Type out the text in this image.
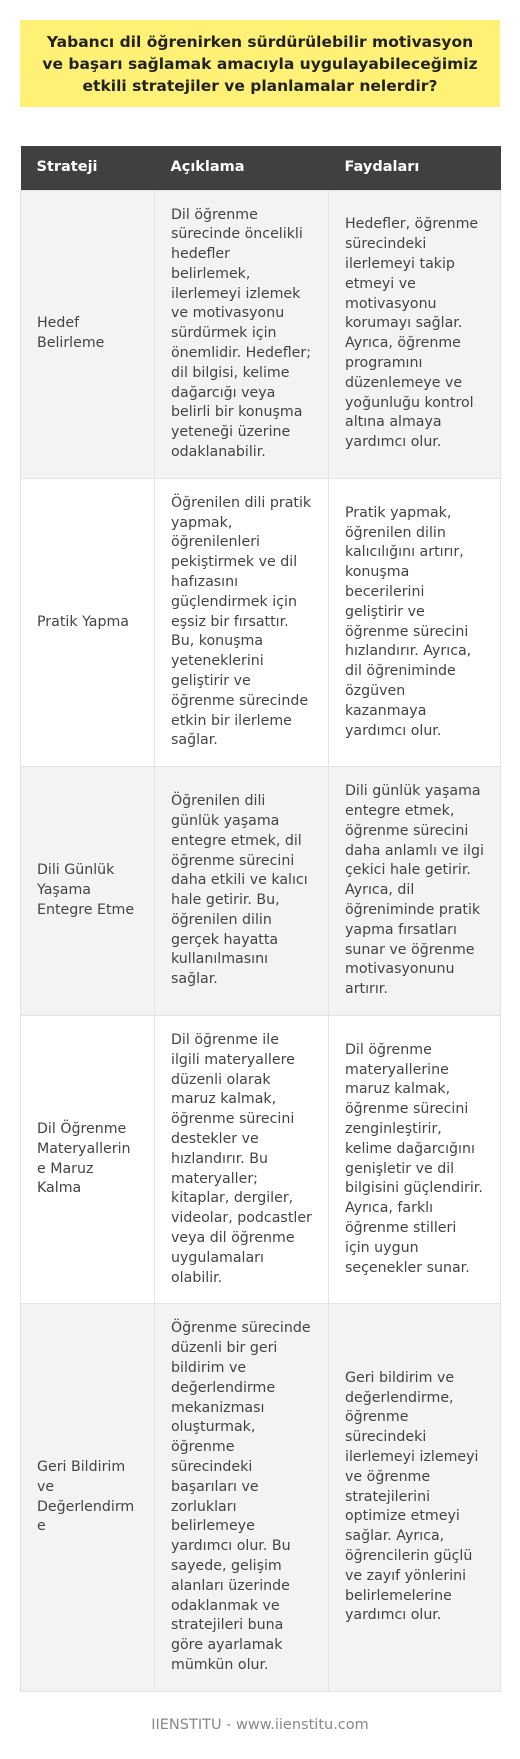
Yabancı dil öğrenirken sürdürülebilir motivasyon ve başarı sağlamak amacıyla uygulayabileceğimiz etkili stratejiler ve planlamalar nelerdir?
Strateji	Açıklama	Faydaları
Hedef Belirleme	Dil öğrenme sürecinde öncelikli hedefler belirlemek, ilerlemeyi izlemek ve motivasyonu sürdürmek için önemlidir. Hedefler; dil bilgisi, kelime dağarcığı veya belirli bir konuşma yeteneği üzerine odaklanabilir.	Hedefler, öğrenme sürecindeki ilerlemeyi takip etmeyi ve motivasyonu korumayı sağlar. Ayrıca, öğrenme programını düzenlemeye ve yoğunluğu kontrol altına almaya yardımcı olur.
Pratik Yapma	Öğrenilen dili pratik yapmak, öğrenilenleri pekiştirmek ve dil hafızasını güçlendirmek için eşsiz bir fırsattır. Bu, konuşma yeteneklerini geliştirir ve öğrenme sürecinde etkin bir ilerleme sağlar.	Pratik yapmak, öğrenilen dilin kalıcılığını artırır, konuşma becerilerini geliştirir ve öğrenme sürecini hızlandırır. Ayrıca, dil öğreniminde özgüven kazanmaya yardımcı olur.
Dili Günlük Yaşama Entegre Etme	Öğrenilen dili günlük yaşama entegre etmek, dil öğrenme sürecini daha etkili ve kalıcı hale getirir. Bu, öğrenilen dilin gerçek hayatta kullanılmasını sağlar.	Dili günlük yaşama entegre etmek, öğrenme sürecini daha anlamlı ve ilgi çekici hale getirir. Ayrıca, dil öğreniminde pratik yapma fırsatları sunar ve öğrenme motivasyonunu artırır.
Dil Öğrenme Materyallerine Maruz Kalma	Dil öğrenme ile ilgili materyallere düzenli olarak maruz kalmak, öğrenme sürecini destekler ve hızlandırır. Bu materyaller; kitaplar, dergiler, videolar, podcastler veya dil öğrenme uygulamaları olabilir.	Dil öğrenme materyallerine maruz kalmak, öğrenme sürecini zenginleştirir, kelime dağarcığını genişletir ve dil bilgisini güçlendirir. Ayrıca, farklı öğrenme stilleri için uygun seçenekler sunar.
Geri Bildirim ve Değerlendirme	Öğrenme sürecinde düzenli bir geri bildirim ve değerlendirme mekanizması oluşturmak, öğrenme sürecindeki başarıları ve zorlukları belirlemeye yardımcı olur. Bu sayede, gelişim alanları üzerinde odaklanmak ve stratejileri buna göre ayarlamak mümkün olur.	Geri bildirim ve değerlendirme, öğrenme sürecindeki ilerlemeyi izlemeyi ve öğrenme stratejilerini optimize etmeyi sağlar. Ayrıca, öğrencilerin güçlü ve zayıf yönlerini belirlemelerine yardımcı olur.
IIENSTITU - www.iienstitu.com
